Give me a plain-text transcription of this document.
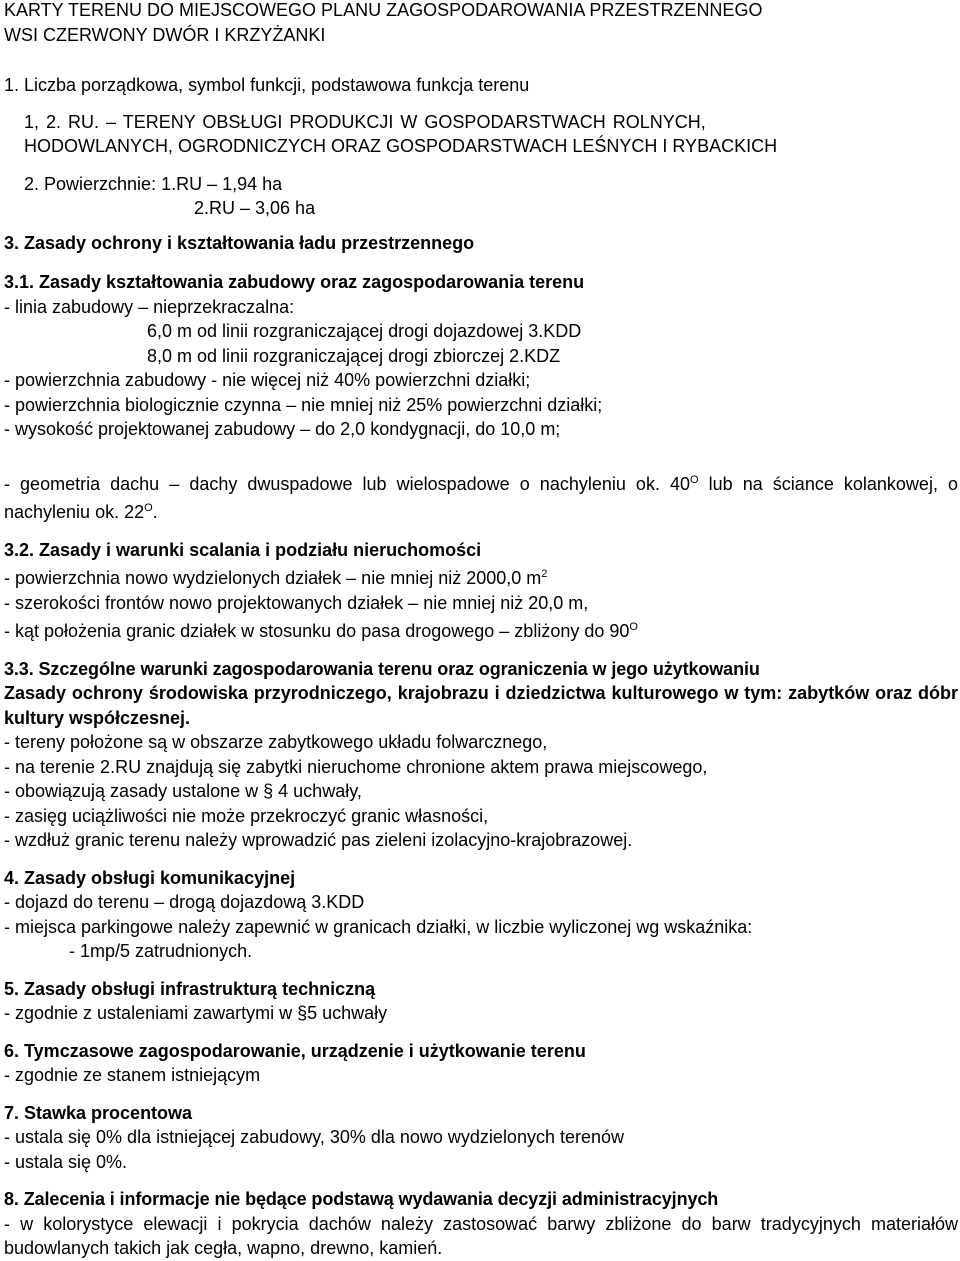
KARTY TERENU DO MIEJSCOWEGO PLANU ZAGOSPODAROWANIA PRZESTRZENNEGO
WSI CZERWONY DWÓR I KRZYŻANKI
1. Liczba porządkowa, symbol funkcji, podstawowa funkcja terenu
1, 2. RU. – TERENY OBSŁUGI PRODUKCJI W GOSPODARSTWACH ROLNYCH,
HODOWLANYCH, OGRODNICZYCH ORAZ GOSPODARSTWACH LEŚNYCH I RYBACKICH
2. Powierzchnie: 1.RU – 1,94 ha
2.RU – 3,06 ha
3. Zasady ochrony i kształtowania ładu przestrzennego
3.1. Zasady kształtowania zabudowy oraz zagospodarowania terenu
- linia zabudowy – nieprzekraczalna:
6,0 m od linii rozgraniczającej drogi dojazdowej 3.KDD
8,0 m od linii rozgraniczającej drogi zbiorczej 2.KDZ
- powierzchnia zabudowy - nie więcej niż 40% powierzchni działki;
- powierzchnia biologicznie czynna – nie mniej niż 25% powierzchni działki;
- wysokość projektowanej zabudowy – do 2,0 kondygnacji, do 10,0 m;
- geometria dachu – dachy dwuspadowe lub wielospadowe o nachyleniu ok. $40^O$ lub na ściance kolankowej, o nachyleniu ok. $22^O$.
3.2. Zasady i warunki scalania i podziału nieruchomości
- powierzchnia nowo wydzielonych działek – nie mniej niż 2000,0 $m^2$
- szerokości frontów nowo projektowanych działek – nie mniej niż 20,0 m,
- kąt położenia granic działek w stosunku do pasa drogowego – zbliżony do $90^O$
3.3. Szczególne warunki zagospodarowania terenu oraz ograniczenia w jego użytkowaniu
Zasady ochrony środowiska przyrodniczego, krajobrazu i dziedzictwa kulturowego w tym: zabytków oraz dóbr kultury współczesnej.
- tereny położone są w obszarze zabytkowego układu folwarcznego,
- na terenie 2.RU znajdują się zabytki nieruchome chronione aktem prawa miejscowego,
- obowiązują zasady ustalone w § 4 uchwały,
- zasięg uciążliwości nie może przekroczyć granic własności,
- wzdłuż granic terenu należy wprowadzić pas zieleni izolacyjno-krajobrazowej.
4. Zasady obsługi komunikacyjnej
- dojazd do terenu – drogą dojazdową 3.KDD
- miejsca parkingowe należy zapewnić w granicach działki, w liczbie wyliczonej wg wskaźnika:
- 1mp/5 zatrudnionych.
5. Zasady obsługi infrastrukturą techniczną
- zgodnie z ustaleniami zawartymi w §5 uchwały
6. Tymczasowe zagospodarowanie, urządzenie i użytkowanie terenu
- zgodnie ze stanem istniejącym
7. Stawka procentowa
- ustala się 0% dla istniejącej zabudowy, 30% dla nowo wydzielonych terenów
- ustala się 0%.
8. Zalecenia i informacje nie będące podstawą wydawania decyzji administracyjnych
- w kolorystyce elewacji i pokrycia dachów należy zastosować barwy zbliżone do barw tradycyjnych materiałów budowlanych takich jak cegła, wapno, drewno, kamień.
